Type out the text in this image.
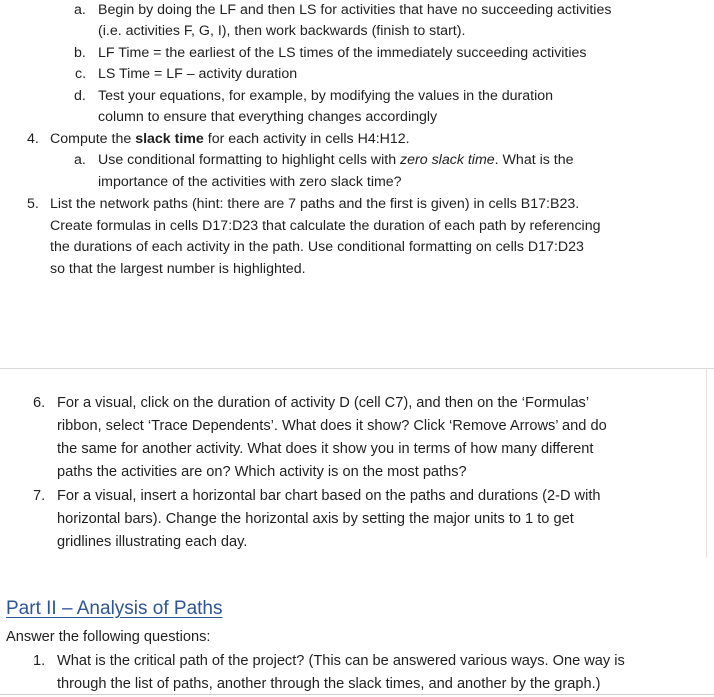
a. Begin by doing the LF and then LS for activities that have no succeeding activities
(i.e. activities F, G, I), then work backwards (finish to start).
b. LF Time = the earliest of the LS times of the immediately succeeding activities
c. LS Time = LF – activity duration
d. Test your equations, for example, by modifying the values in the duration
column to ensure that everything changes accordingly
4. Compute the slack time for each activity in cells H4:H12.
a. Use conditional formatting to highlight cells with zero slack time. What is the
importance of the activities with zero slack time?
5. List the network paths (hint: there are 7 paths and the first is given) in cells B17:B23.
Create formulas in cells D17:D23 that calculate the duration of each path by referencing
the durations of each activity in the path. Use conditional formatting on cells D17:D23
so that the largest number is highlighted.
6. For a visual, click on the duration of activity D (cell C7), and then on the ‘Formulas’
ribbon, select ‘Trace Dependents’. What does it show? Click ‘Remove Arrows’ and do
the same for another activity. What does it show you in terms of how many different
paths the activities are on? Which activity is on the most paths?
7. For a visual, insert a horizontal bar chart based on the paths and durations (2-D with
horizontal bars). Change the horizontal axis by setting the major units to 1 to get
gridlines illustrating each day.
Part II – Analysis of Paths
Answer the following questions:
1. What is the critical path of the project? (This can be answered various ways. One way is
through the list of paths, another through the slack times, and another by the graph.)
